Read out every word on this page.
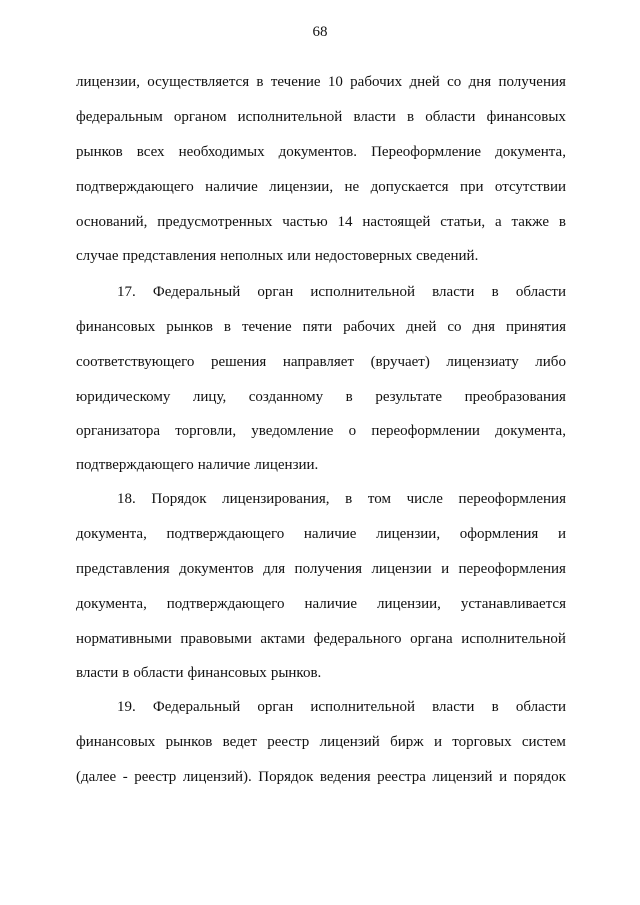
68
лицензии, осуществляется в течение 10 рабочих дней со дня получения
федеральным органом исполнительной власти в области финансовых
рынков всех необходимых документов. Переоформление документа,
подтверждающего наличие лицензии, не допускается при отсутствии
оснований, предусмотренных частью 14 настоящей статьи, а также в
случае представления неполных или недостоверных сведений.
17. Федеральный орган исполнительной власти в области
финансовых рынков в течение пяти рабочих дней со дня принятия
соответствующего решения направляет (вручает) лицензиату либо
юридическому лицу, созданному в результате преобразования
организатора торговли, уведомление о переоформлении документа,
подтверждающего наличие лицензии.
18. Порядок лицензирования, в том числе переоформления
документа, подтверждающего наличие лицензии, оформления и
представления документов для получения лицензии и переоформления
документа, подтверждающего наличие лицензии, устанавливается
нормативными правовыми актами федерального органа исполнительной
власти в области финансовых рынков.
19. Федеральный орган исполнительной власти в области
финансовых рынков ведет реестр лицензий бирж и торговых систем
(далее - реестр лицензий). Порядок ведения реестра лицензий и порядок
